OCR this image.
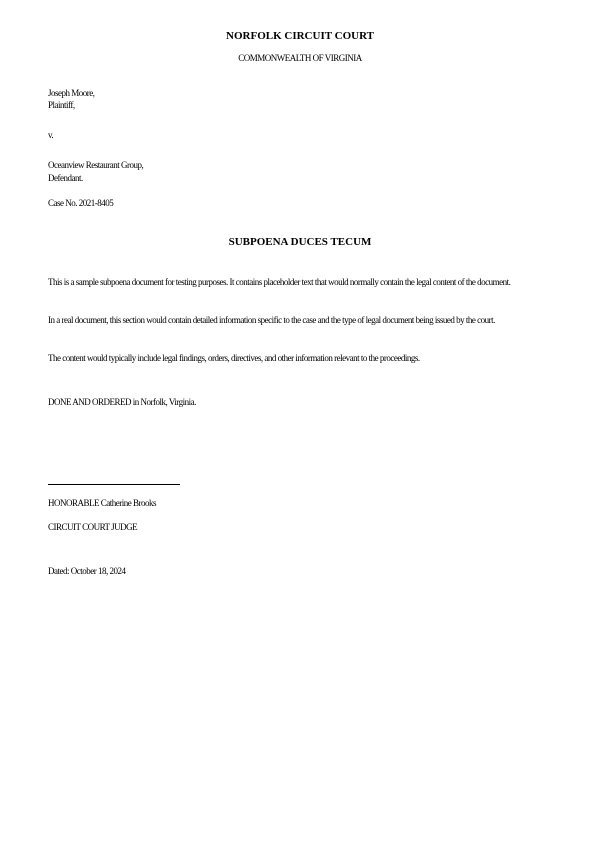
NORFOLK CIRCUIT COURT
COMMONWEALTH OF VIRGINIA
Joseph Moore,
Plaintiff,
v.
Oceanview Restaurant Group,
Defendant.
Case No. 2021-8405
SUBPOENA DUCES TECUM
This is a sample subpoena document for testing purposes. It contains placeholder text that would normally contain the legal content of the document.
In a real document, this section would contain detailed information specific to the case and the type of legal document being issued by the court.
The content would typically include legal findings, orders, directives, and other information relevant to the proceedings.
DONE AND ORDERED in Norfolk, Virginia.
HONORABLE Catherine Brooks
CIRCUIT COURT JUDGE
Dated: October 18, 2024
